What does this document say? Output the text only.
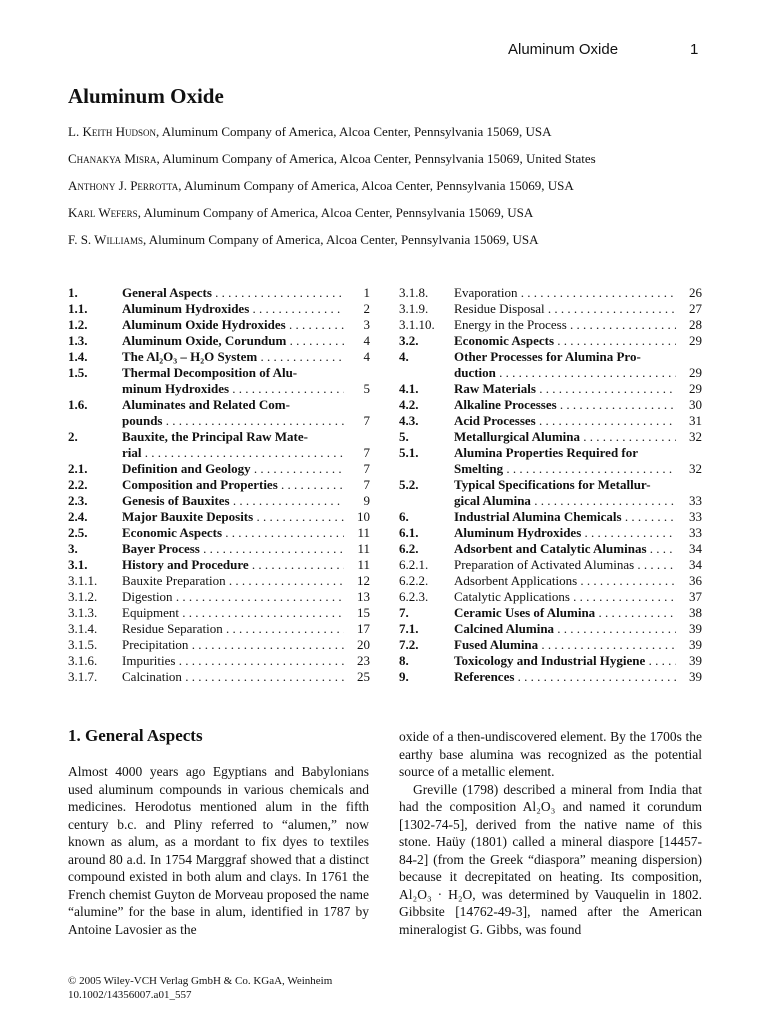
Aluminum Oxide	1
Aluminum Oxide
L. Keith Hudson, Aluminum Company of America, Alcoa Center, Pennsylvania 15069, USA
Chanakya Misra, Aluminum Company of America, Alcoa Center, Pennsylvania 15069, United States
Anthony J. Perrotta, Aluminum Company of America, Alcoa Center, Pennsylvania 15069, USA
Karl Wefers, Aluminum Company of America, Alcoa Center, Pennsylvania 15069, USA
F. S. Williams, Aluminum Company of America, Alcoa Center, Pennsylvania 15069, USA
1.	General Aspects . . .	1
1.1.	Aluminum Hydroxides . . .	2
1.2.	Aluminum Oxide Hydroxides . . .	3
1.3.	Aluminum Oxide, Corundum . . .	4
1.4.	The Al₂O₃ – H₂O System . . .	4
1.5.	Thermal Decomposition of Alu-
minum Hydroxides . . .	5
1.6.	Aluminates and Related Com-
pounds . . .	7
2.	Bauxite, the Principal Raw Mate-
rial . . .	7
2.1.	Definition and Geology . . .	7
2.2.	Composition and Properties . . .	7
2.3.	Genesis of Bauxites . . .	9
2.4.	Major Bauxite Deposits . . .	10
2.5.	Economic Aspects . . .	11
3.	Bayer Process . . .	11
3.1.	History and Procedure . . .	11
3.1.1. Bauxite Preparation . . .	12
3.1.2. Digestion . . .	13
3.1.3. Equipment . . .	15
3.1.4. Residue Separation . . .	17
3.1.5. Precipitation . . .	20
3.1.6. Impurities . . .	23
3.1.7. Calcination . . .	25
3.1.8. Evaporation . . .	26
3.1.9. Residue Disposal . . .	27
3.1.10. Energy in the Process . . .	28
3.2.	Economic Aspects . . .	29
4.	Other Processes for Alumina Pro-
duction . . .	29
4.1.	Raw Materials . . .	29
4.2.	Alkaline Processes . . .	30
4.3.	Acid Processes . . .	31
5.	Metallurgical Alumina . . .	32
5.1.	Alumina Properties Required for
Smelting . . .	32
5.2.	Typical Specifications for Metallur-
gical Alumina . . .	33
6.	Industrial Alumina Chemicals . . .	33
6.1.	Aluminum Hydroxides . . .	33
6.2.	Adsorbent and Catalytic Aluminas . . .	34
6.2.1. Preparation of Activated Aluminas . . .	34
6.2.2. Adsorbent Applications . . .	36
6.2.3. Catalytic Applications . . .	37
7.	Ceramic Uses of Alumina . . .	38
7.1.	Calcined Alumina . . .	39
7.2.	Fused Alumina . . .	39
8.	Toxicology and Industrial Hygiene . . .	39
9.	References . . .	39
1. General Aspects

Almost 4000 years ago Egyptians and Babylonians used aluminum compounds in various chemicals and medicines. Herodotus mentioned alum in the fifth century b.c. and Pliny referred to “alumen,” now known as alum, as a mordant to fix dyes to textiles around 80 a.d. In 1754 Marggraf showed that a distinct compound existed in both alum and clays. In 1761 the French chemist Guyton de Morveau proposed the name “alumine” for the base in alum, identified in 1787 by Antoine Lavosier as the

oxide of a then-undiscovered element. By the 1700s the earthy base alumina was recognized as the potential source of a metallic element.

Greville (1798) described a mineral from India that had the composition Al₂O₃ and named it corundum [1302-74-5], derived from the native name of this stone. Haüy (1801) called a mineral diaspore [14457-84-2] (from the Greek “diaspora” meaning dispersion) because it decrepitated on heating. Its composition, Al₂O₃ · H₂O, was determined by Vauquelin in 1802. Gibbsite [14762-49-3], named after the American mineralogist G. Gibbs, was found

© 2005 Wiley-VCH Verlag GmbH & Co. KGaA, Weinheim
10.1002/14356007.a01_557
